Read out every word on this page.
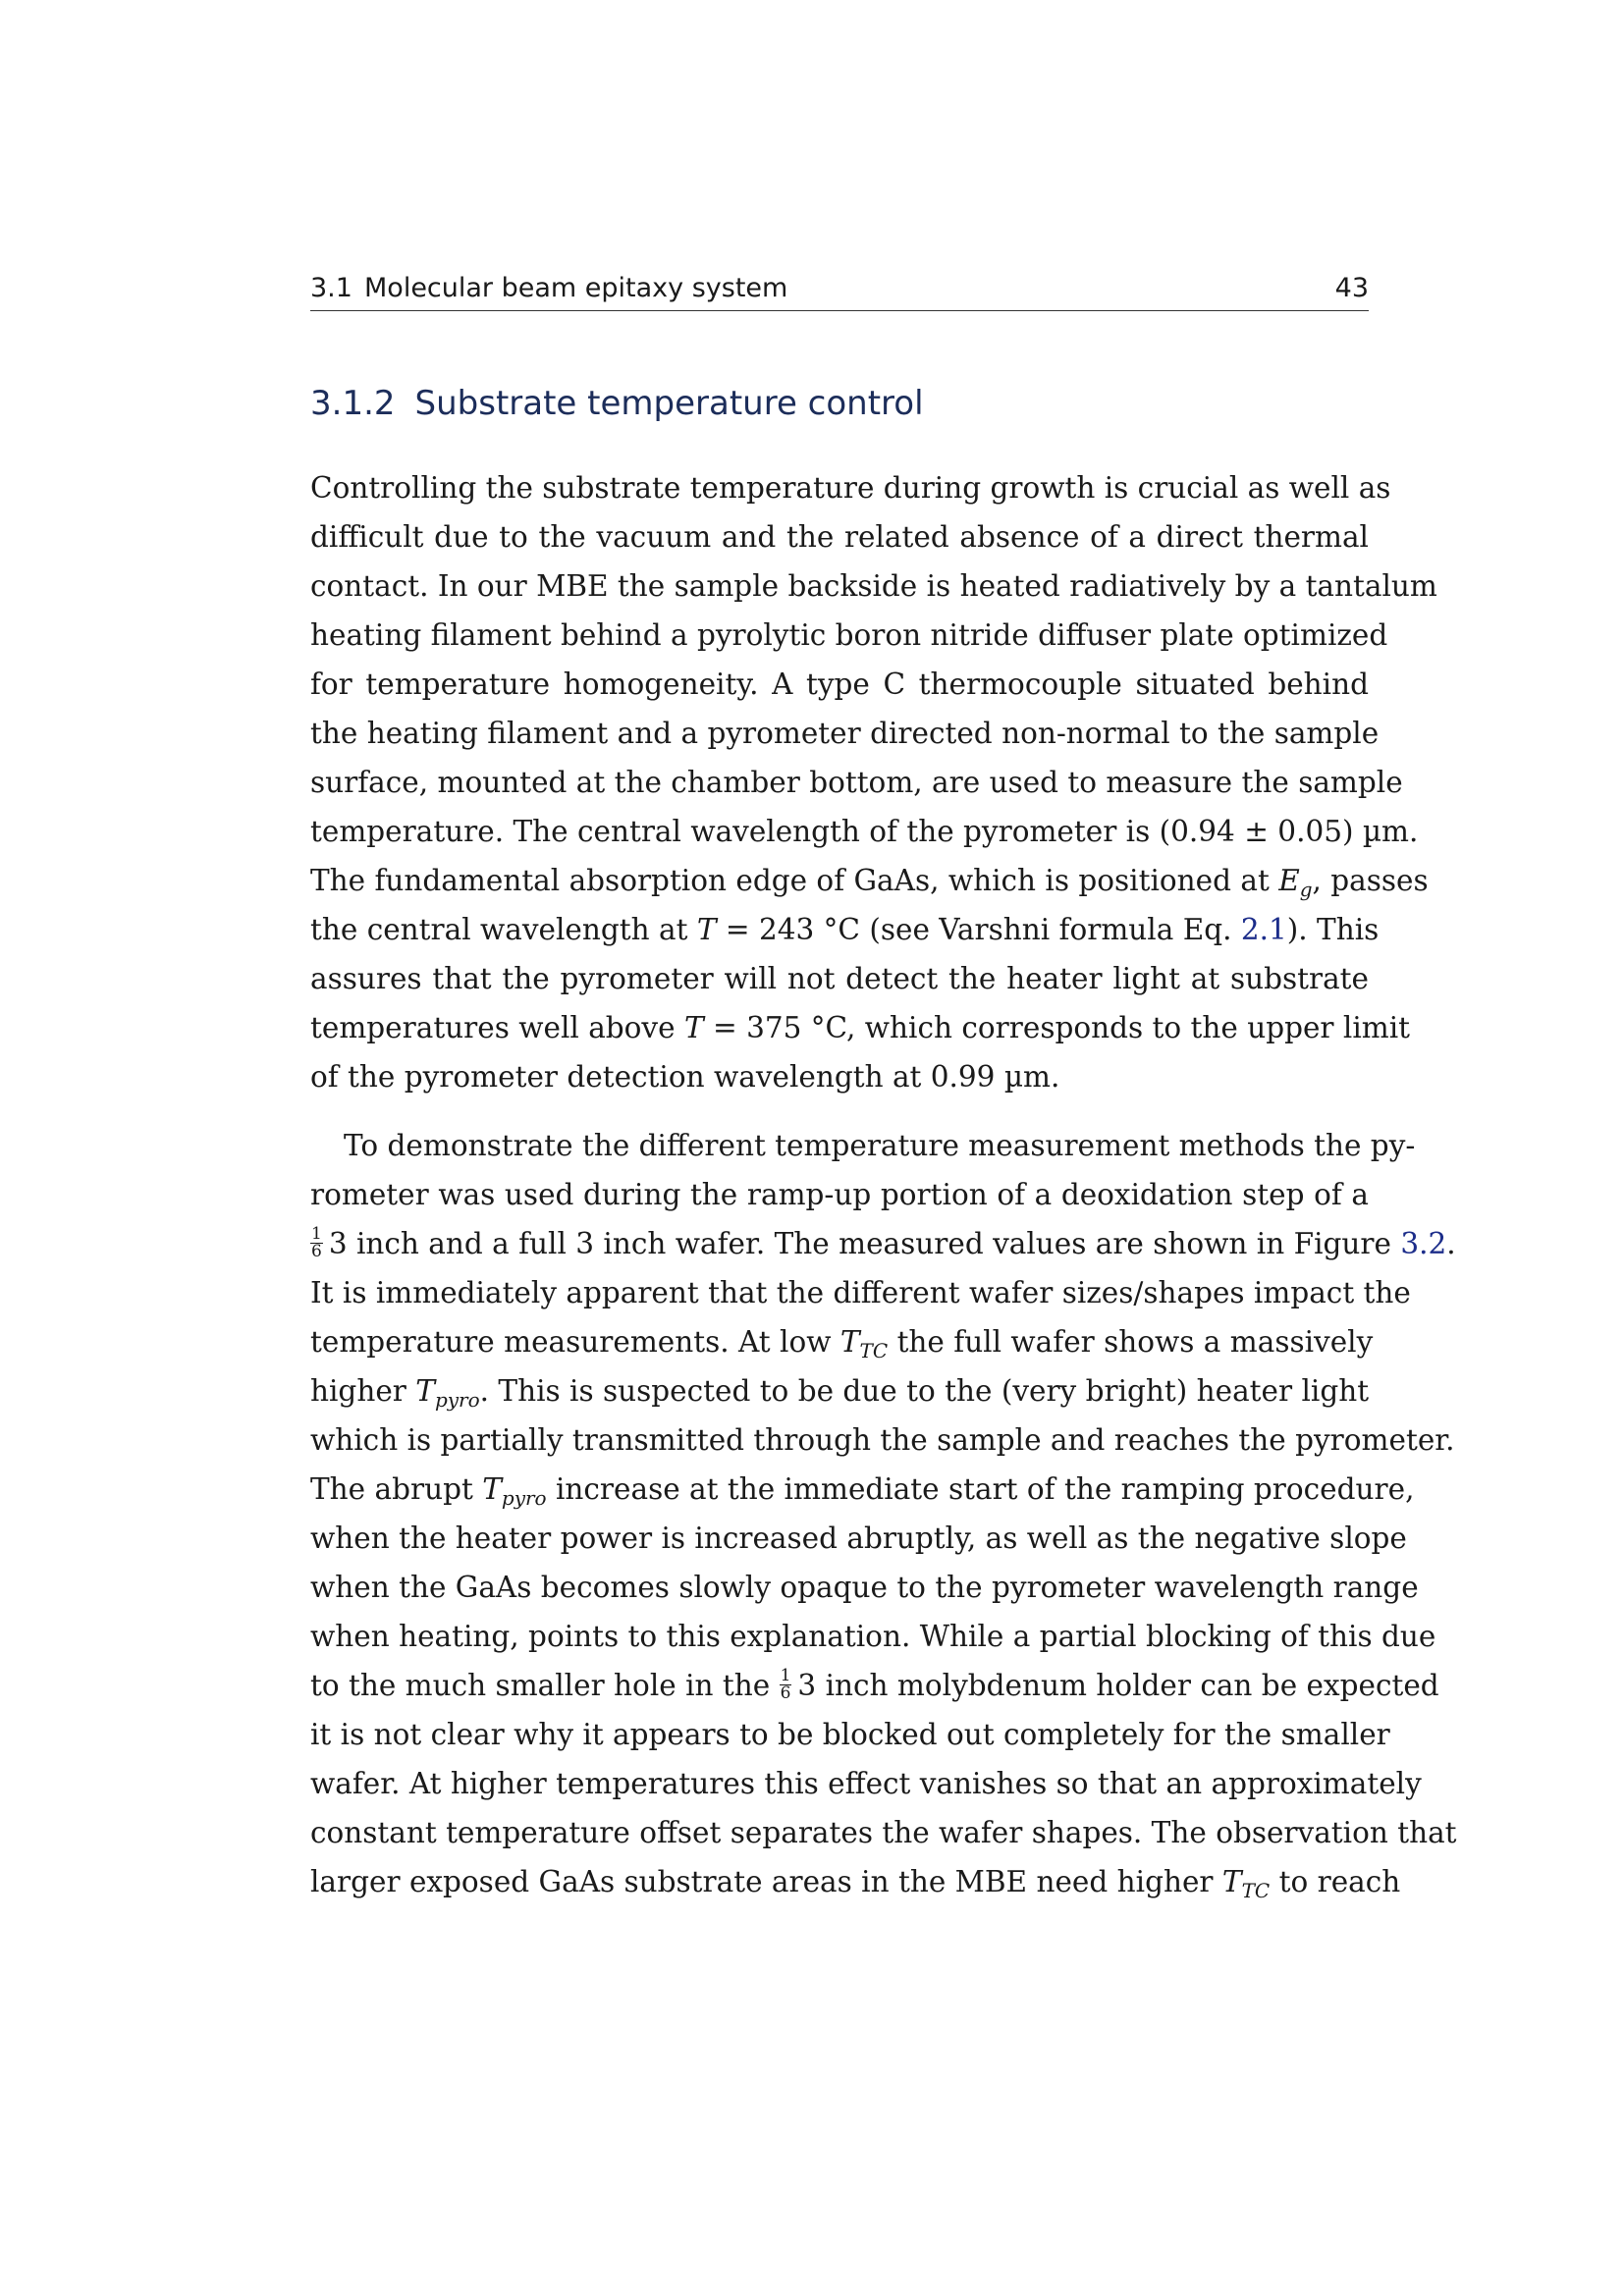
3.1 Molecular beam epitaxy system	43
3.1.2 Substrate temperature control
Controlling the substrate temperature during growth is crucial as well as
difficult due to the vacuum and the related absence of a direct thermal
contact. In our MBE the sample backside is heated radiatively by a tantalum
heating filament behind a pyrolytic boron nitride diffuser plate optimized
for temperature homogeneity. A type C thermocouple situated behind
the heating filament and a pyrometer directed non-normal to the sample
surface, mounted at the chamber bottom, are used to measure the sample
temperature. The central wavelength of the pyrometer is (0.94 ± 0.05) µm.
The fundamental absorption edge of GaAs, which is positioned at $E_g$, passes
the central wavelength at T = 243 °C (see Varshni formula Eq. 2.1). This
assures that the pyrometer will not detect the heater light at substrate
temperatures well above T = 375 °C, which corresponds to the upper limit
of the pyrometer detection wavelength at 0.99 µm.
To demonstrate the different temperature measurement methods the py-
rometer was used during the ramp-up portion of a deoxidation step of a
$\frac{1}{6} 3$ inch and a full 3 inch wafer. The measured values are shown in Figure 3.2.
It is immediately apparent that the different wafer sizes/shapes impact the
temperature measurements. At low $T_{TC}$ the full wafer shows a massively
higher $T_{pyro}$. This is suspected to be due to the (very bright) heater light
which is partially transmitted through the sample and reaches the pyrometer.
The abrupt $T_{pyro}$ increase at the immediate start of the ramping procedure,
when the heater power is increased abruptly, as well as the negative slope
when the GaAs becomes slowly opaque to the pyrometer wavelength range
when heating, points to this explanation. While a partial blocking of this due
to the much smaller hole in the $\frac{1}{6} 3$ inch molybdenum holder can be expected
it is not clear why it appears to be blocked out completely for the smaller
wafer. At higher temperatures this effect vanishes so that an approximately
constant temperature offset separates the wafer shapes. The observation that
larger exposed GaAs substrate areas in the MBE need higher $T_{TC}$ to reach
